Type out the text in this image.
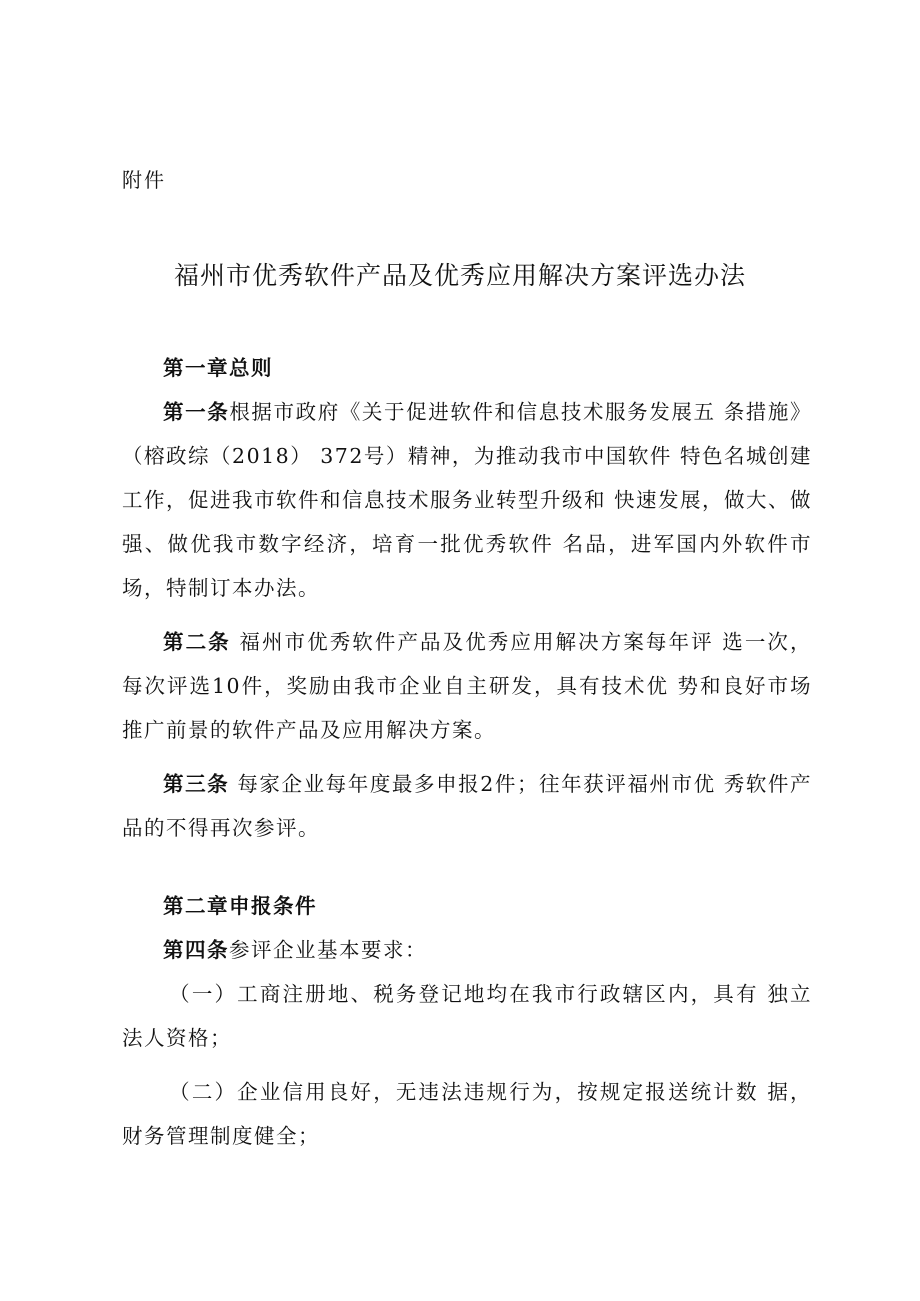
附件
福州市优秀软件产品及优秀应用解决方案评选办法

第一章总则

第一条根据市政府《关于促进软件和信息技术服务发展五 条措施》（榕政综（2018） 372号）精神，为推动我市中国软件 特色名城创建工作，促进我市软件和信息技术服务业转型升级和 快速发展，做大、做强、做优我市数字经济，培育一批优秀软件 名品，进军国内外软件市场，特制订本办法。

第二条 福州市优秀软件产品及优秀应用解决方案每年评 选一次，每次评选10件，奖励由我市企业自主研发，具有技术优 势和良好市场推广前景的软件产品及应用解决方案。

第三条 每家企业每年度最多申报2件；往年获评福州市优 秀软件产品的不得再次参评。

第二章申报条件

第四条参评企业基本要求：

（一）工商注册地、税务登记地均在我市行政辖区内，具有 独立法人资格；

（二）企业信用良好，无违法违规行为，按规定报送统计数 据，财务管理制度健全；
